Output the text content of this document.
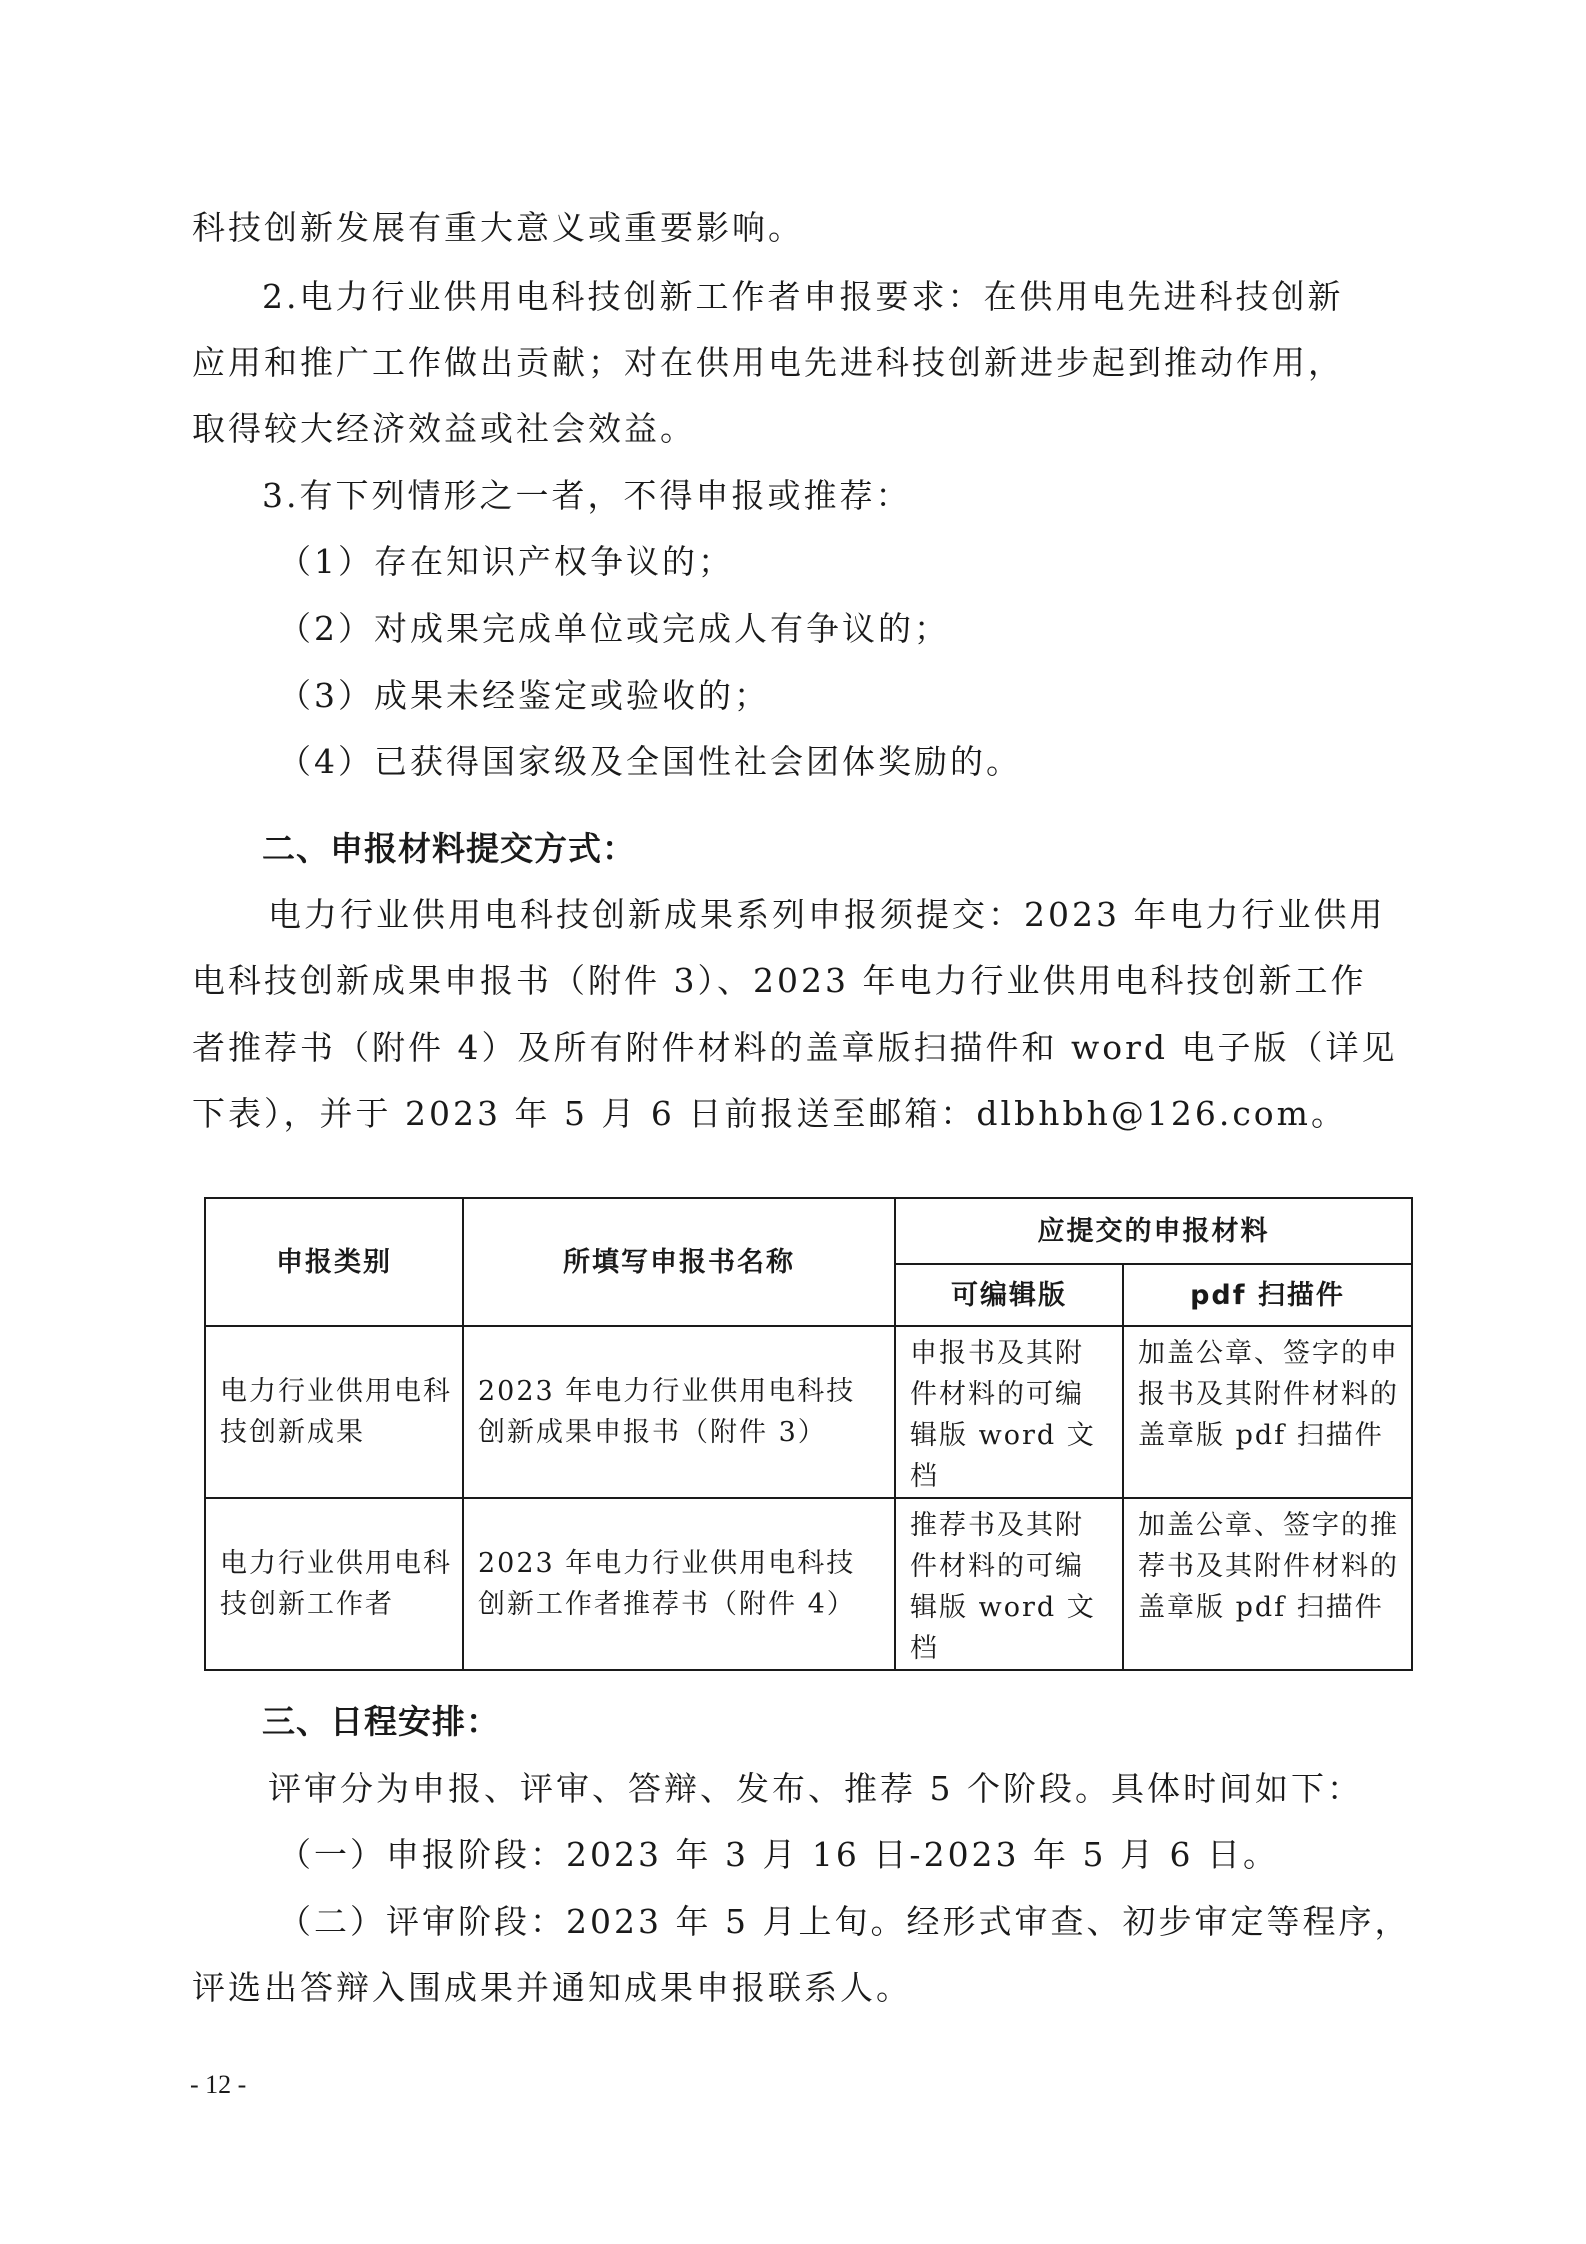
科技创新发展有重大意义或重要影响。
2.电力行业供用电科技创新工作者申报要求：在供用电先进科技创新
应用和推广工作做出贡献；对在供用电先进科技创新进步起到推动作用，
取得较大经济效益或社会效益。
3.有下列情形之一者，不得申报或推荐：
（1）存在知识产权争议的；
（2）对成果完成单位或完成人有争议的；
（3）成果未经鉴定或验收的；
（4）已获得国家级及全国性社会团体奖励的。
二、申报材料提交方式：
电力行业供用电科技创新成果系列申报须提交：2023 年电力行业供用
电科技创新成果申报书（附件 3）、2023 年电力行业供用电科技创新工作
者推荐书（附件 4）及所有附件材料的盖章版扫描件和 word 电子版（详见
下表），并于 2023 年 5 月 6 日前报送至邮箱：dlbhbh@126.com。
申报类别	所填写申报书名称	应提交的申报材料	
		可编辑版	pdf 扫描件
电力行业供用电科技创新成果	2023 年电力行业供用电科技创新成果申报书（附件 3）	申报书及其附件材料的可编辑版 word 文档	加盖公章、签字的申报书及其附件材料的盖章版 pdf 扫描件
电力行业供用电科技创新工作者	2023 年电力行业供用电科技创新工作者推荐书（附件 4）	推荐书及其附件材料的可编辑版 word 文档	加盖公章、签字的推荐书及其附件材料的盖章版 pdf 扫描件
三、日程安排：
评审分为申报、评审、答辩、发布、推荐 5 个阶段。具体时间如下：
（一）申报阶段：2023 年 3 月 16 日-2023 年 5 月 6 日。
（二）评审阶段：2023 年 5 月上旬。经形式审查、初步审定等程序，
评选出答辩入围成果并通知成果申报联系人。
- 12 -
